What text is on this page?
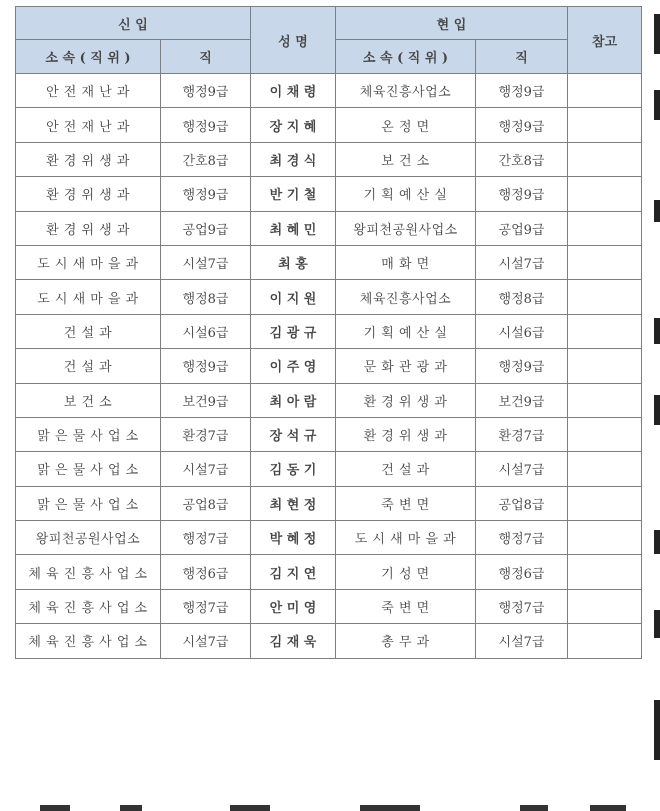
신 입		성 명	현 입		참고
소 속 ( 직 위 )	직		소 속 ( 직 위 )	직	
안 전 재 난 과	행정9급	이 채 령	체육진흥사업소	행정9급	
안 전 재 난 과	행정9급	장 지 혜	온 정 면	행정9급	
환 경 위 생 과	간호8급	최 경 식	보 건 소	간호8급	
환 경 위 생 과	행정9급	반 기 철	기 획 예 산 실	행정9급	
환 경 위 생 과	공업9급	최 혜 민	왕피천공원사업소	공업9급	
도 시 새 마 을 과	시설7급	최 홍	매 화 면	시설7급	
도 시 새 마 을 과	행정8급	이 지 원	체육진흥사업소	행정8급	
건 설 과	시설6급	김 광 규	기 획 예 산 실	시설6급	
건 설 과	행정9급	이 주 영	문 화 관 광 과	행정9급	
보 건 소	보건9급	최 아 람	환 경 위 생 과	보건9급	
맑 은 물 사 업 소	환경7급	장 석 규	환 경 위 생 과	환경7급	
맑 은 물 사 업 소	시설7급	김 동 기	건 설 과	시설7급	
맑 은 물 사 업 소	공업8급	최 현 정	죽 변 면	공업8급	
왕피천공원사업소	행정7급	박 혜 정	도 시 새 마 을 과	행정7급	
체 육 진 흥 사 업 소	행정6급	김 지 연	기 성 면	행정6급	
체 육 진 흥 사 업 소	행정7급	안 미 영	죽 변 면	행정7급	
체 육 진 흥 사 업 소	시설7급	김 재 욱	총 무 과	시설7급	
